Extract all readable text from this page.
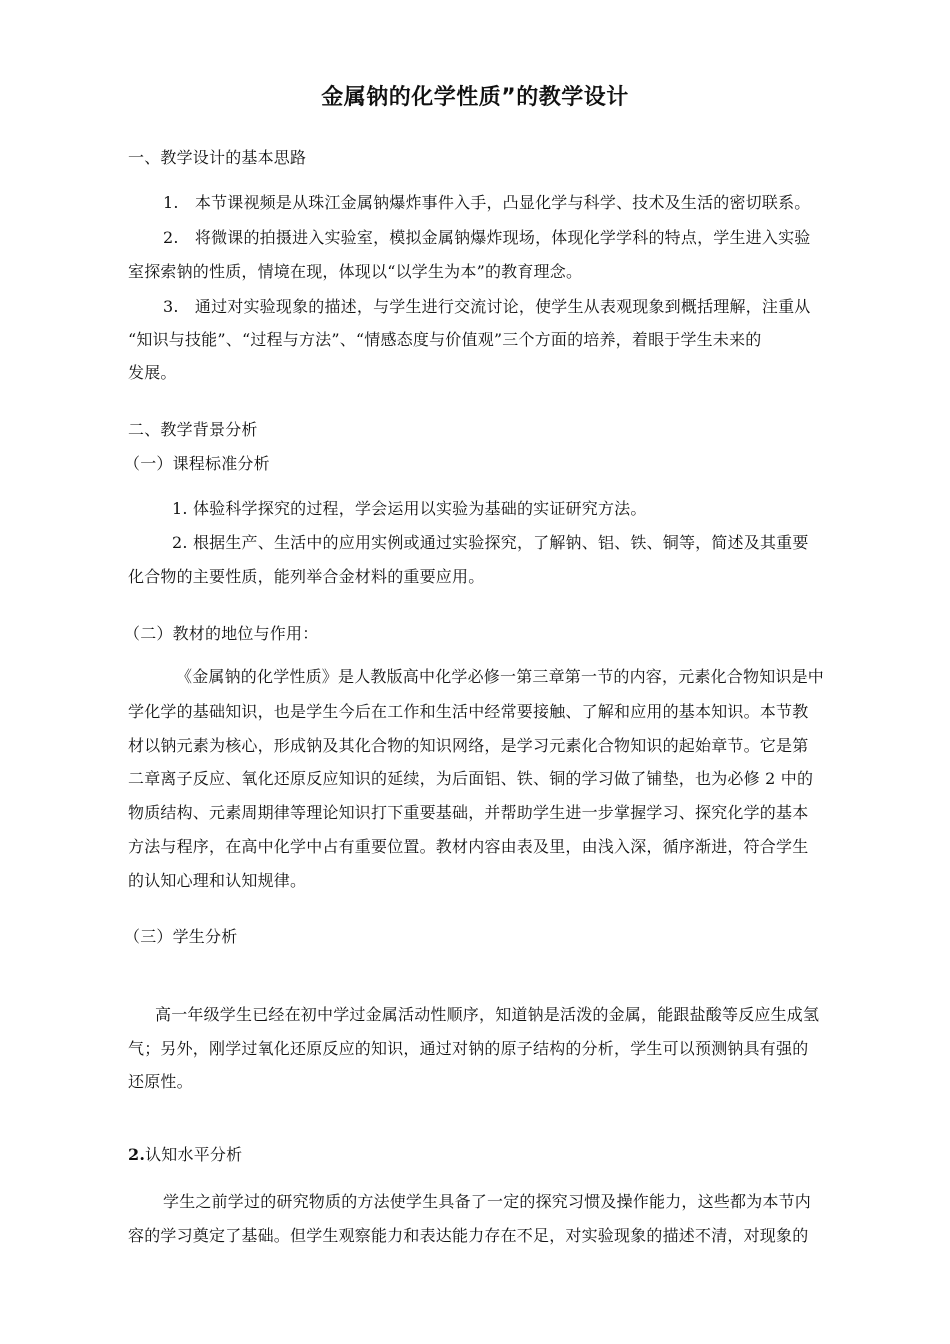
金属钠的化学性质”的教学设计
一、教学设计的基本思路
1.　本节课视频是从珠江金属钠爆炸事件入手，凸显化学与科学、技术及生活的密切联系。
2.　将微课的拍摄进入实验室，模拟金属钠爆炸现场，体现化学学科的特点，学生进入实验
室探索钠的性质，情境在现，体现以“以学生为本”的教育理念。
3.　通过对实验现象的描述，与学生进行交流讨论，使学生从表观现象到概括理解，注重从
“知识与技能”、“过程与方法”、“情感态度与价值观”三个方面的培养，着眼于学生未来的
发展。
二、教学背景分析
（一）课程标准分析
1. 体验科学探究的过程，学会运用以实验为基础的实证研究方法。
2. 根据生产、生活中的应用实例或通过实验探究，了解钠、铝、铁、铜等，简述及其重要
化合物的主要性质，能列举合金材料的重要应用。
（二）教材的地位与作用：
《金属钠的化学性质》是人教版高中化学必修一第三章第一节的内容，元素化合物知识是中
学化学的基础知识，也是学生今后在工作和生活中经常要接触、了解和应用的基本知识。本节教
材以钠元素为核心，形成钠及其化合物的知识网络，是学习元素化合物知识的起始章节。它是第
二章离子反应、氧化还原反应知识的延续，为后面铝、铁、铜的学习做了铺垫，也为必修 2 中的
物质结构、元素周期律等理论知识打下重要基础，并帮助学生进一步掌握学习、探究化学的基本
方法与程序，在高中化学中占有重要位置。教材内容由表及里，由浅入深，循序渐进，符合学生
的认知心理和认知规律。
（三）学生分析
高一年级学生已经在初中学过金属活动性顺序，知道钠是活泼的金属，能跟盐酸等反应生成氢
气；另外，刚学过氧化还原反应的知识，通过对钠的原子结构的分析，学生可以预测钠具有强的
还原性。
2.认知水平分析
学生之前学过的研究物质的方法使学生具备了一定的探究习惯及操作能力，这些都为本节内
容的学习奠定了基础。但学生观察能力和表达能力存在不足，对实验现象的描述不清，对现象的
